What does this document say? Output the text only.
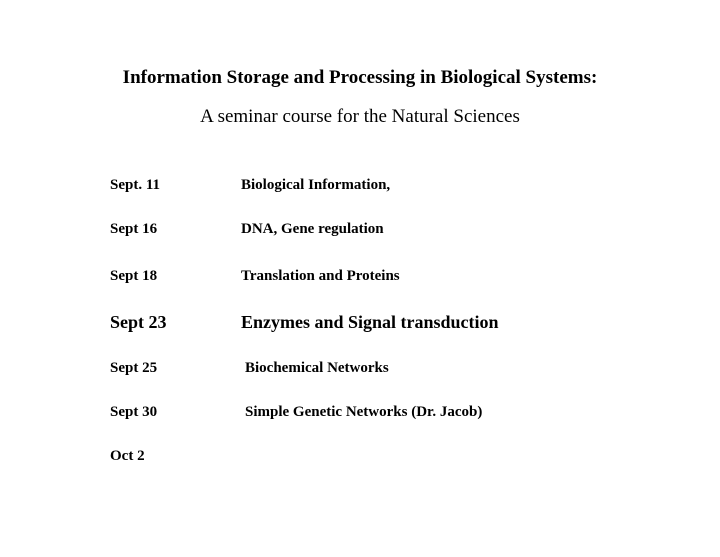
Information Storage and Processing in Biological Systems:
A seminar course for the Natural Sciences
Sept. 11	Biological Information,
Sept 16	DNA, Gene regulation
Sept 18	Translation and Proteins
Sept 23	Enzymes and Signal transduction
Sept 25	Biochemical Networks
Sept 30	Simple Genetic Networks (Dr. Jacob)
Oct 2
